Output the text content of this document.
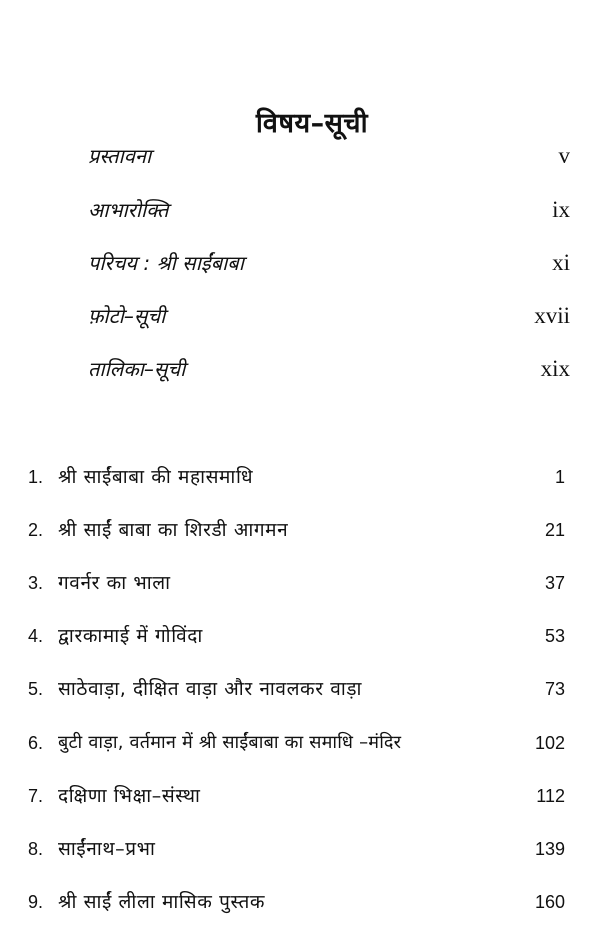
विषय–सूची
प्रस्तावना	v
आभारोक्ति	ix
परिचय : श्री साईंबाबा	xi
फ़ोटो–सूची	xvii
तालिका–सूची	xix
1. श्री साईंबाबा की महासमाधि	1
2. श्री साईं बाबा का शिरडी आगमन	21
3. गवर्नर का भाला	37
4. द्वारकामाई में गोविंदा	53
5. साठेवाड़ा, दीक्षित वाड़ा और नावलकर वाड़ा	73
6. बुटी वाड़ा, वर्तमान में श्री साईंबाबा का समाधि –मंदिर	102
7. दक्षिणा भिक्षा–संस्था	112
8. साईंनाथ–प्रभा	139
9. श्री साईं लीला मासिक पुस्तक	160
